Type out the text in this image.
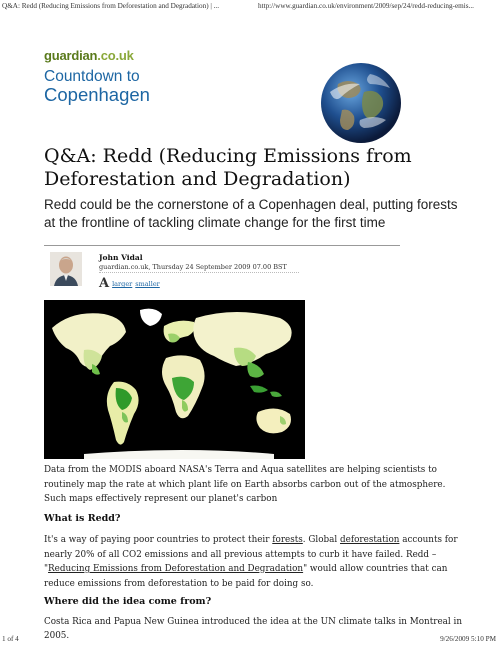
Q&A: Redd (Reducing Emissions from Deforestation and Degradation) | ...	http://www.guardian.co.uk/environment/2009/sep/24/redd-reducing-emis...
guardian.co.uk
Countdown to
Copenhagen
Q&A: Redd (Reducing Emissions from Deforestation and Degradation)
Redd could be the cornerstone of a Copenhagen deal, putting forests at the frontline of tackling climate change for the first time
John Vidal
guardian.co.uk, Thursday 24 September 2009 07.00 BST
A larger smaller
Data from the MODIS aboard NASA's Terra and Aqua satellites are helping scientists to routinely map the rate at which plant life on Earth absorbs carbon out of the atmosphere. Such maps effectively represent our planet's carbon
What is Redd?
It's a way of paying poor countries to protect their forests. Global deforestation accounts for nearly 20% of all CO2 emissions and all previous attempts to curb it have failed. Redd – "Reducing Emissions from Deforestation and Degradation" would allow countries that can reduce emissions from deforestation to be paid for doing so.
Where did the idea come from?
Costa Rica and Papua New Guinea introduced the idea at the UN climate talks in Montreal in 2005.
1 of 4	9/26/2009 5:10 PM
